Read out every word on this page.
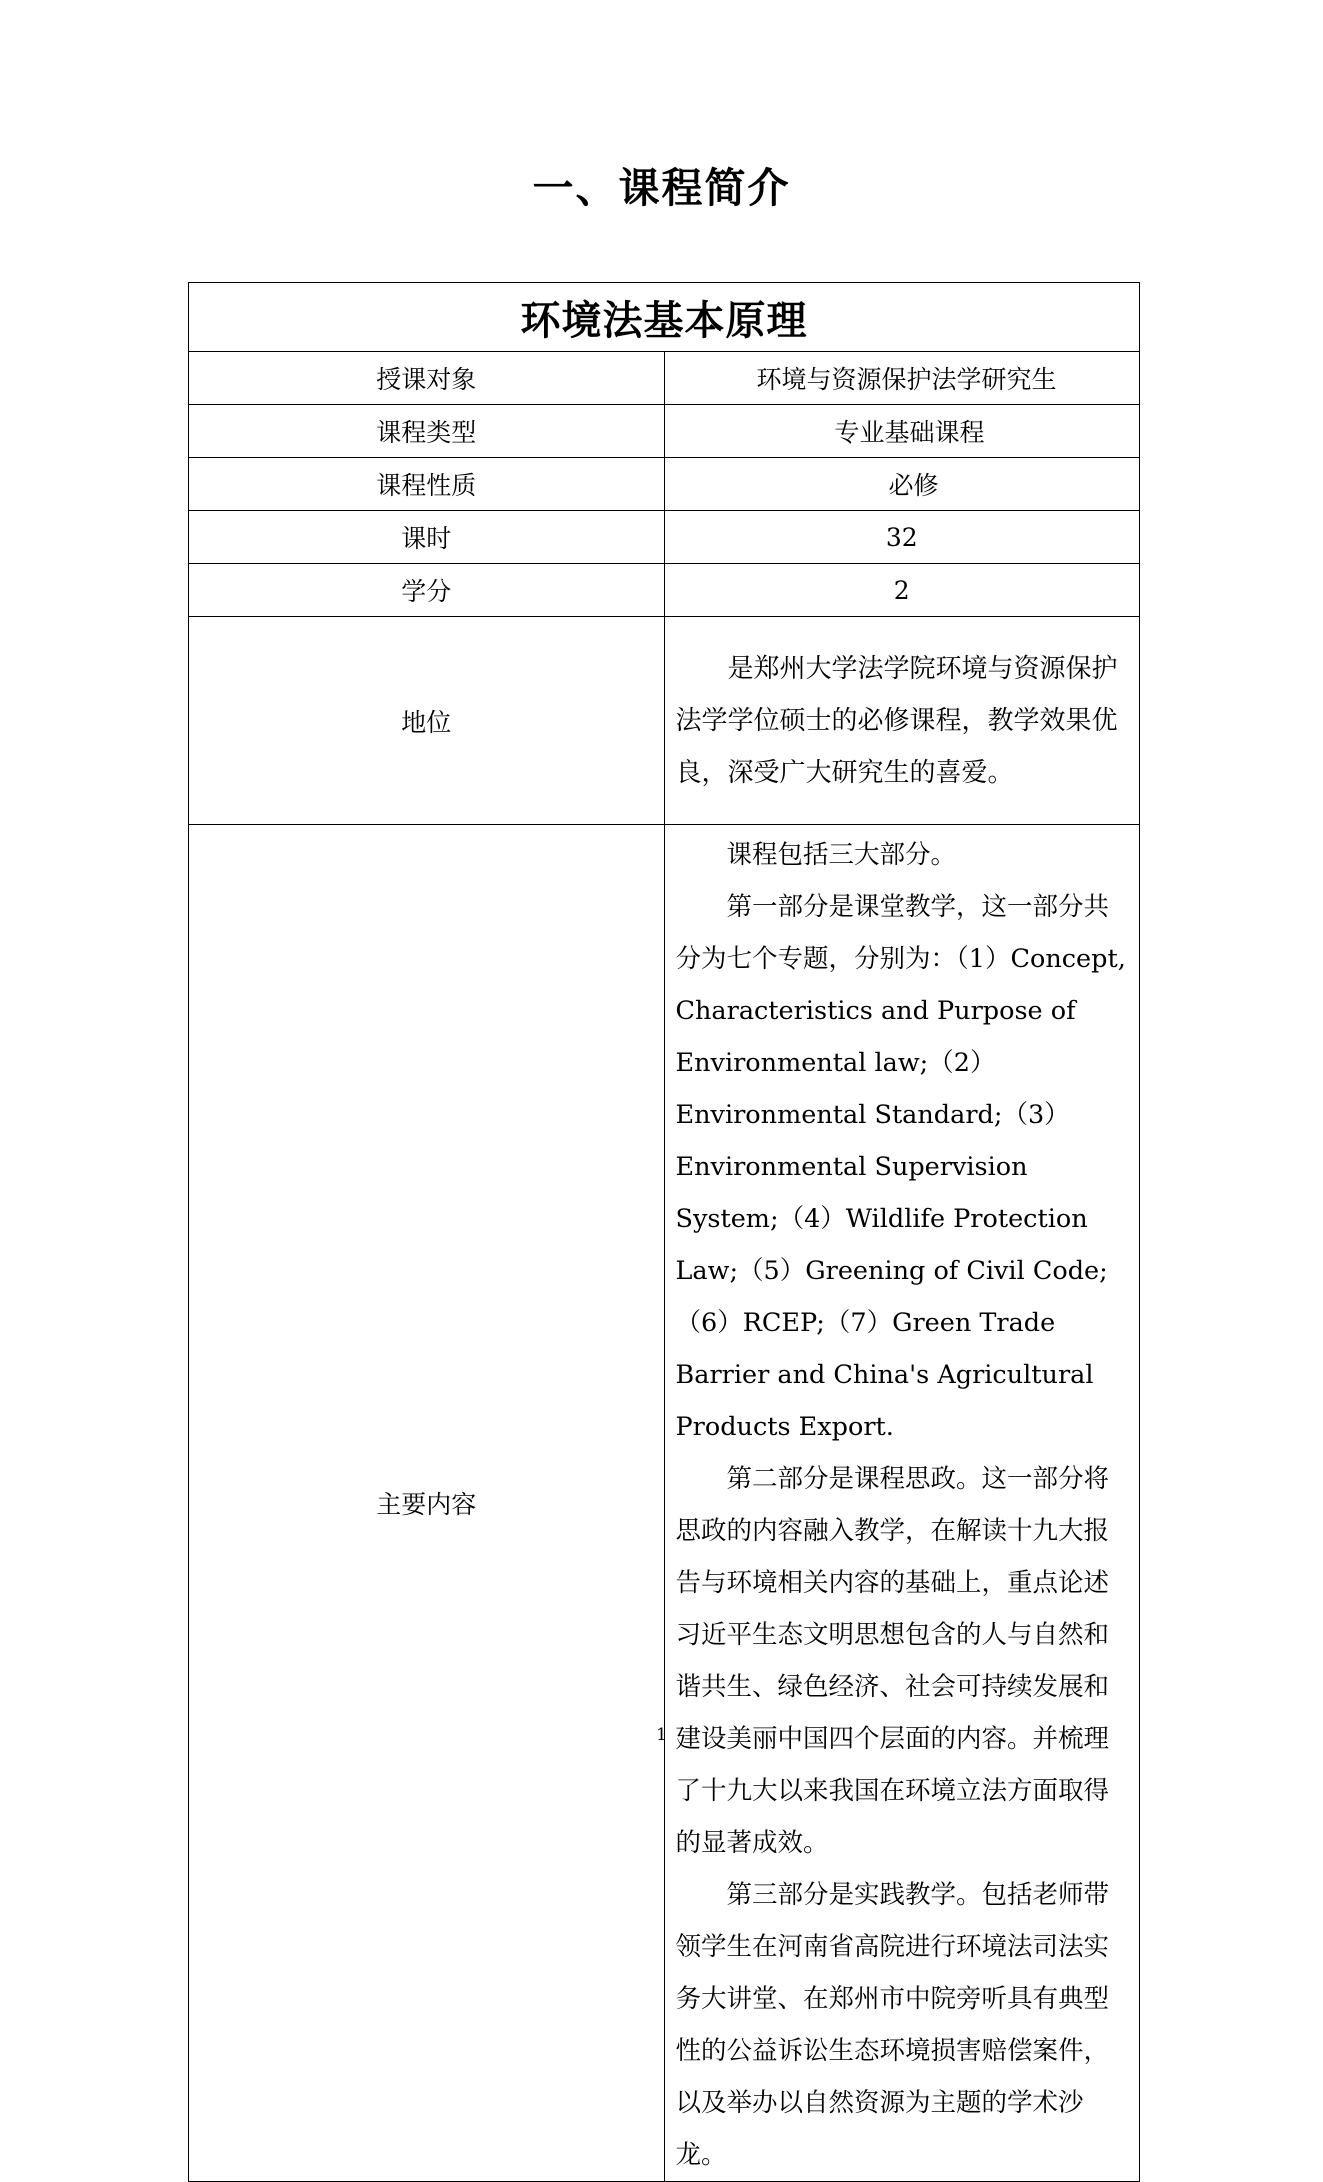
一、课程简介
环境法基本原理	
授课对象	环境与资源保护法学研究生
课程类型	专业基础课程
课程性质	必修
课时	32
学分	2
地位	是郑州大学法学院环境与资源保护法学学位硕士的必修课程，教学效果优良，深受广大研究生的喜爱。

主要内容	课程包括三大部分。

第一部分是课堂教学，这一部分共分为七个专题，分别为：（1）Concept, Characteristics and Purpose of Environmental law;（2）Environmental Standard;（3）Environmental Supervision System;（4）Wildlife Protection Law;（5）Greening of Civil Code;（6）RCEP;（7）Green Trade Barrier and China's Agricultural Products Export.

第二部分是课程思政。这一部分将思政的内容融入教学，在解读十九大报告与环境相关内容的基础上，重点论述习近平生态文明思想包含的人与自然和谐共生、绿色经济、社会可持续发展和建设美丽中国四个层面的内容。并梳理了十九大以来我国在环境立法方面取得的显著成效。

第三部分是实践教学。包括老师带领学生在河南省高院进行环境法司法实务大讲堂、在郑州市中院旁听具有典型性的公益诉讼生态环境损害赔偿案件，以及举办以自然资源为主题的学术沙龙。

1
